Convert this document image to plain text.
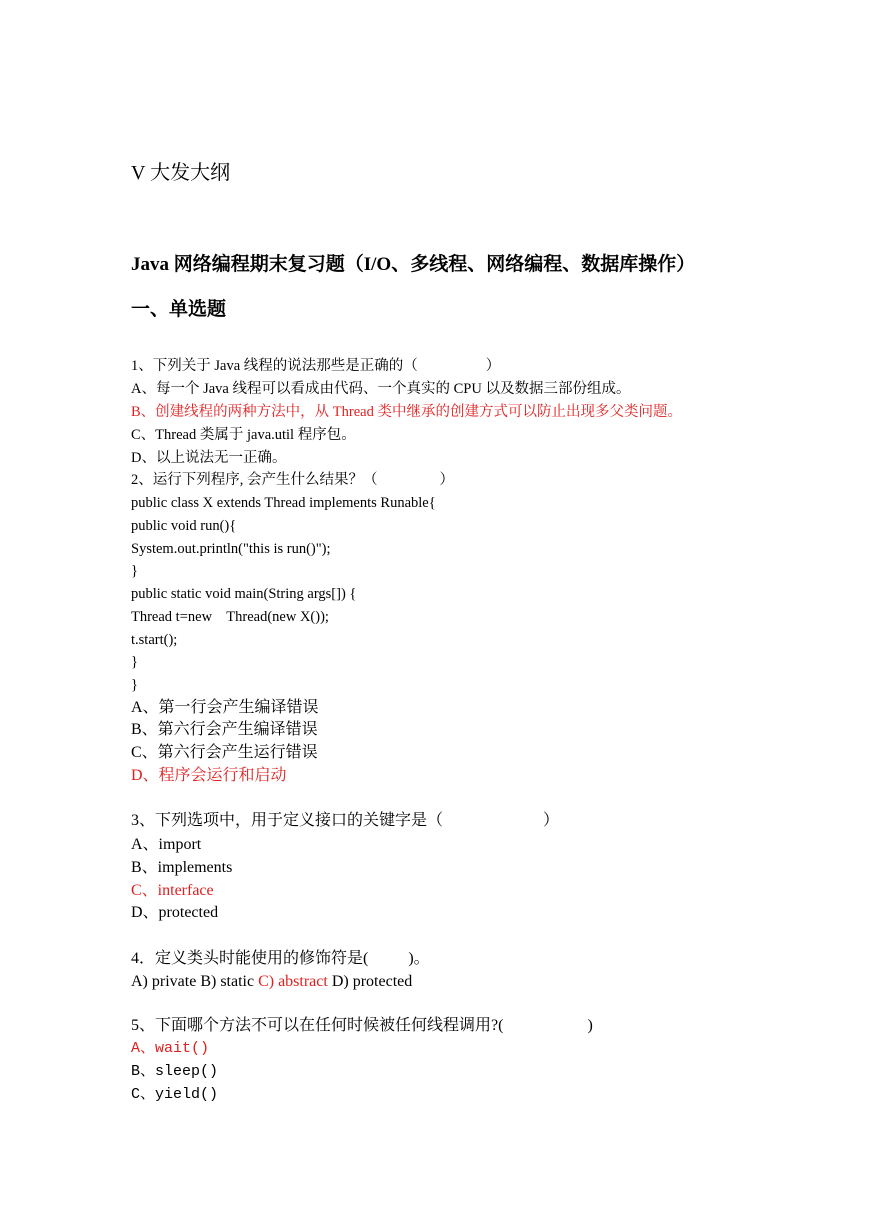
V 大发大纲
Java 网络编程期末复习题（I/O、多线程、网络编程、数据库操作）
一、单选题
1、下列关于 Java 线程的说法那些是正确的（	）
A、每一个 Java 线程可以看成由代码、一个真实的 CPU 以及数据三部份组成。
B、创建线程的两种方法中，从 Thread 类中继承的创建方式可以防止出现多父类问题。
C、Thread 类属于 java.util 程序包。
D、以上说法无一正确。
2、运行下列程序, 会产生什么结果？（	）
public class X extends Thread implements Runable{
public void run(){
System.out.println("this is run()");
}
public static void main(String args[]) {
Thread t=new    Thread(new X());
t.start();
}
}
A、第一行会产生编译错误
B、第六行会产生编译错误
C、第六行会产生运行错误
D、程序会运行和启动
3、下列选项中，用于定义接口的关键字是（	）
A、import
B、implements
C、interface
D、protected
4．定义类头时能使用的修饰符是(	)。
A) private B) static C) abstract D) protected
5、下面哪个方法不可以在任何时候被任何线程调用?(	)
A、wait()
B、sleep()
C、yield()
